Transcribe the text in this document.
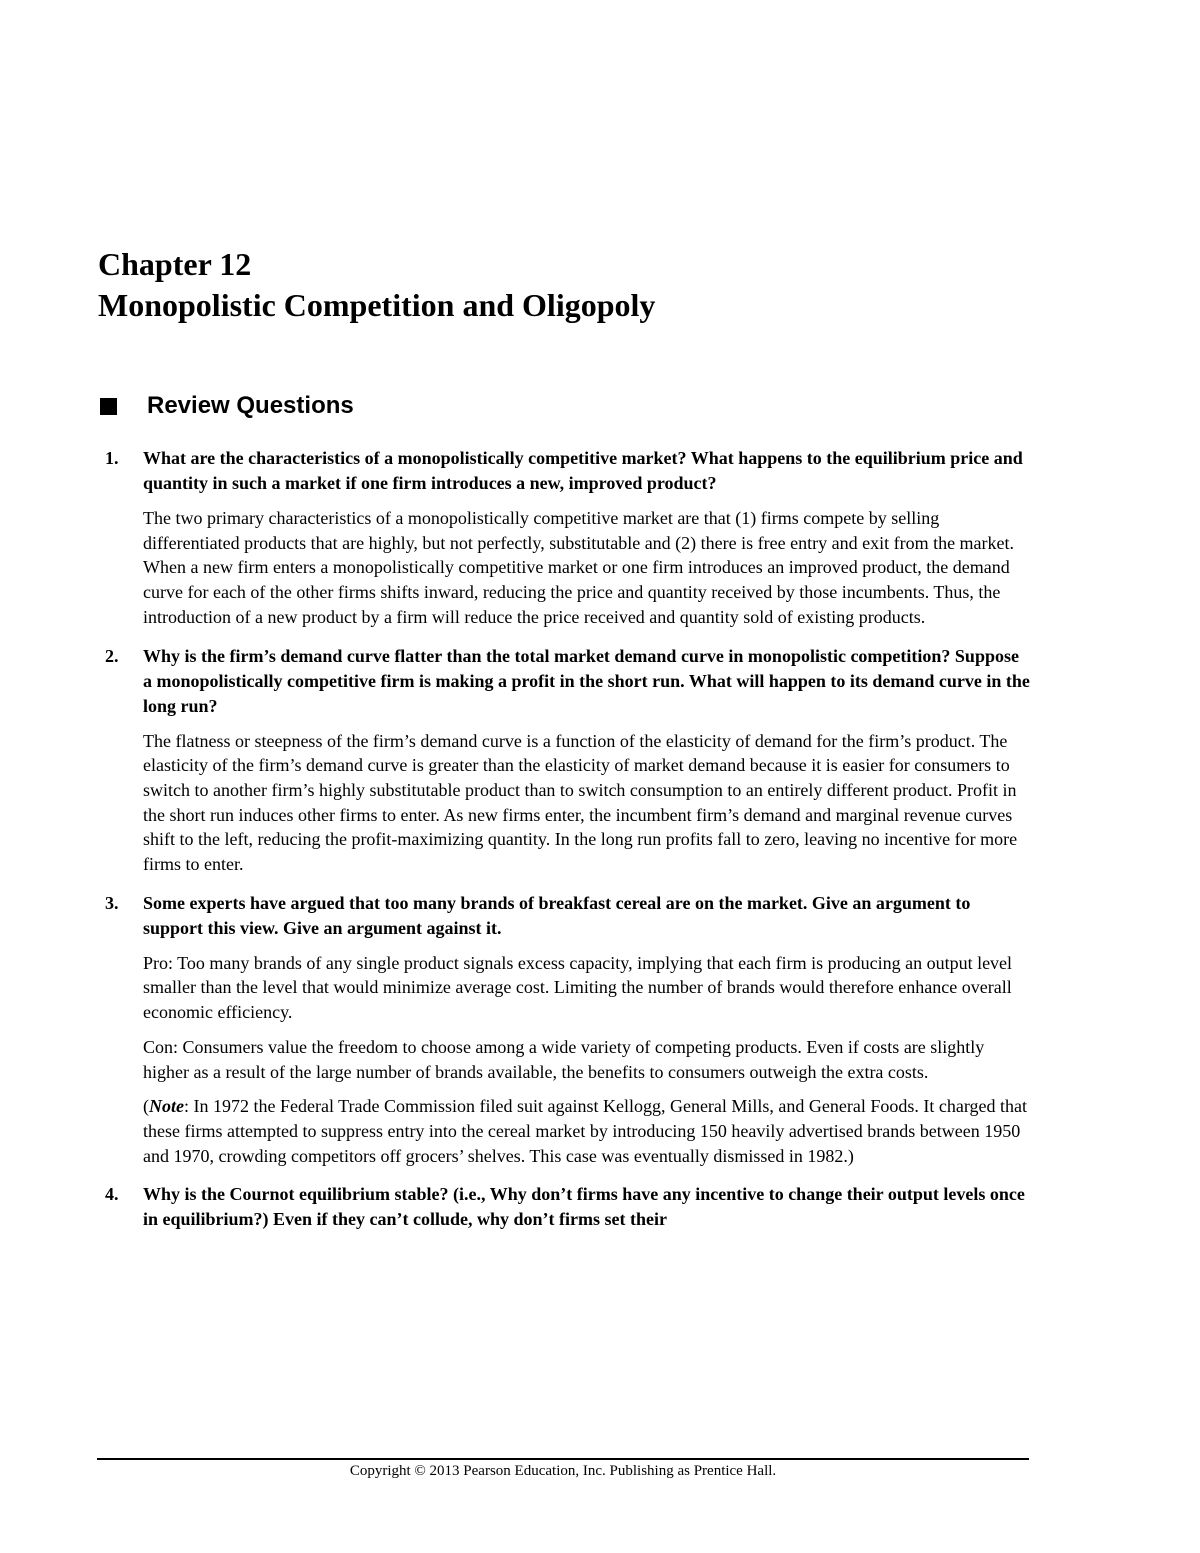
Chapter 12
Monopolistic Competition and Oligopoly
Review Questions
1.	What are the characteristics of a monopolistically competitive market? What happens to the equilibrium price and quantity in such a market if one firm introduces a new, improved product?

The two primary characteristics of a monopolistically competitive market are that (1) firms compete by selling differentiated products that are highly, but not perfectly, substitutable and (2) there is free entry and exit from the market. When a new firm enters a monopolistically competitive market or one firm introduces an improved product, the demand curve for each of the other firms shifts inward, reducing the price and quantity received by those incumbents. Thus, the introduction of a new product by a firm will reduce the price received and quantity sold of existing products.

2.	Why is the firm’s demand curve flatter than the total market demand curve in monopolistic competition? Suppose a monopolistically competitive firm is making a profit in the short run. What will happen to its demand curve in the long run?

The flatness or steepness of the firm’s demand curve is a function of the elasticity of demand for the firm’s product. The elasticity of the firm’s demand curve is greater than the elasticity of market demand because it is easier for consumers to switch to another firm’s highly substitutable product than to switch consumption to an entirely different product. Profit in the short run induces other firms to enter. As new firms enter, the incumbent firm’s demand and marginal revenue curves shift to the left, reducing the profit-maximizing quantity. In the long run profits fall to zero, leaving no incentive for more firms to enter.

3.	Some experts have argued that too many brands of breakfast cereal are on the market. Give an argument to support this view. Give an argument against it.

Pro: Too many brands of any single product signals excess capacity, implying that each firm is producing an output level smaller than the level that would minimize average cost. Limiting the number of brands would therefore enhance overall economic efficiency.

Con: Consumers value the freedom to choose among a wide variety of competing products. Even if costs are slightly higher as a result of the large number of brands available, the benefits to consumers outweigh the extra costs.

(Note: In 1972 the Federal Trade Commission filed suit against Kellogg, General Mills, and General Foods. It charged that these firms attempted to suppress entry into the cereal market by introducing 150 heavily advertised brands between 1950 and 1970, crowding competitors off grocers’ shelves. This case was eventually dismissed in 1982.)

4.	Why is the Cournot equilibrium stable? (i.e., Why don’t firms have any incentive to change their output levels once in equilibrium?) Even if they can’t collude, why don’t firms set their
Copyright © 2013 Pearson Education, Inc. Publishing as Prentice Hall.
